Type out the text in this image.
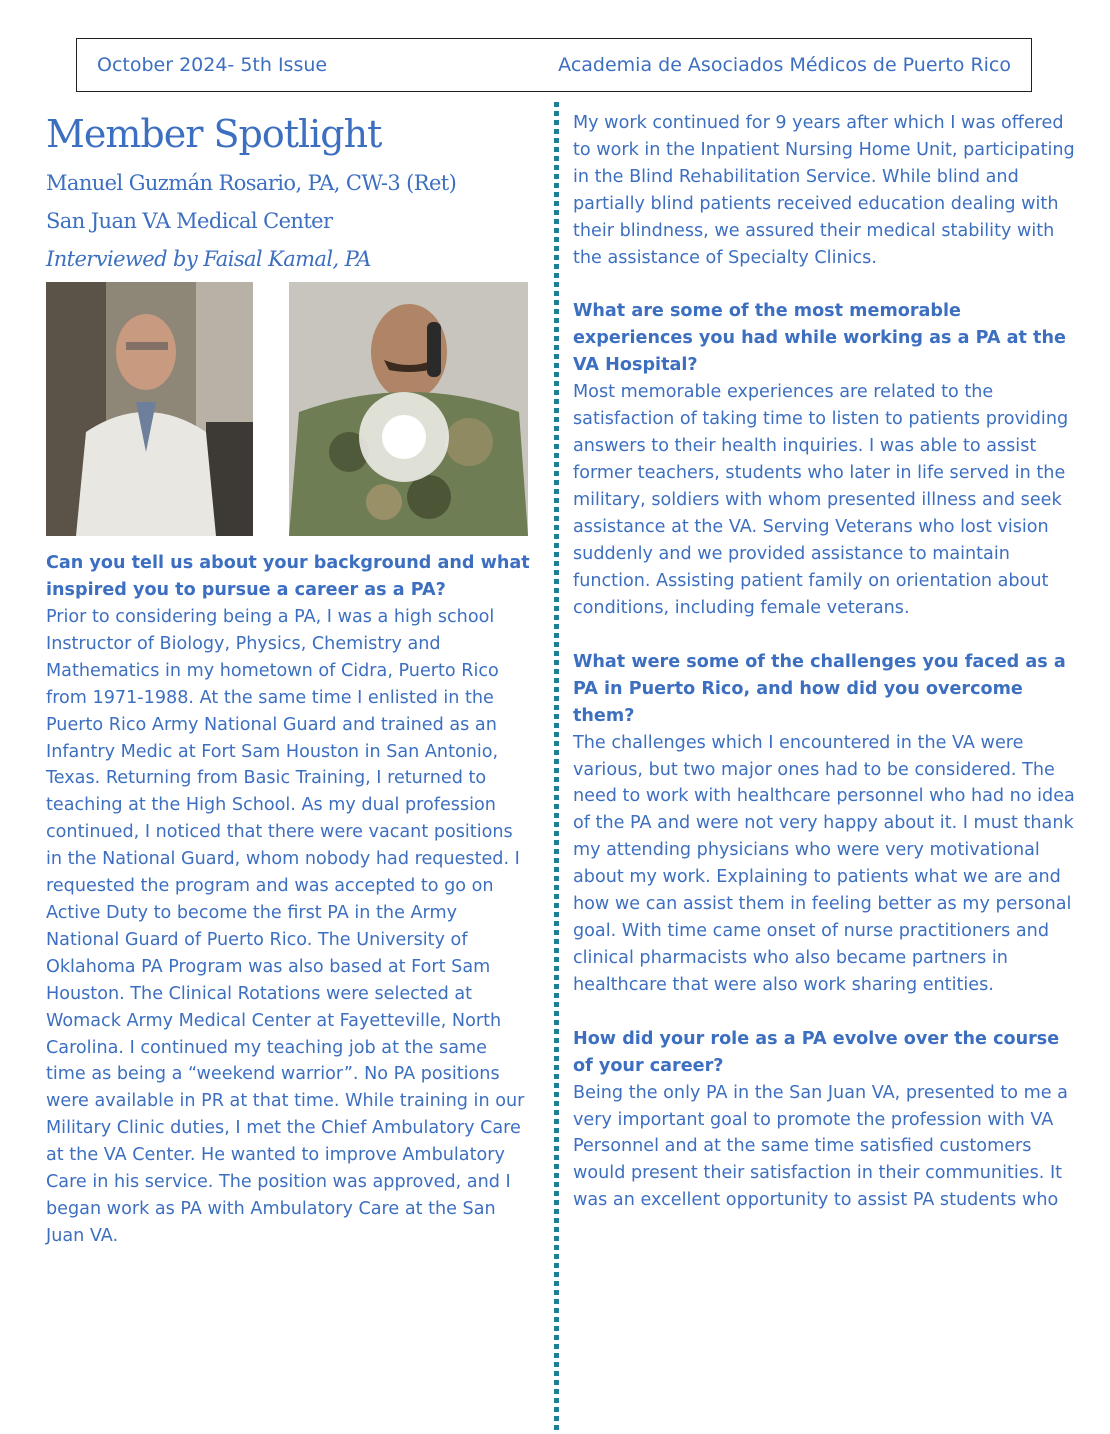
October 2024- 5th Issue	Academia de Asociados Médicos de Puerto Rico
Member Spotlight
Manuel Guzmán Rosario, PA, CW-3 (Ret)
San Juan VA Medical Center
Interviewed by Faisal Kamal, PA

Can you tell us about your background and what inspired you to pursue a career as a PA?

Prior to considering being a PA, I was a high school Instructor of Biology, Physics, Chemistry and Mathematics in my hometown of Cidra, Puerto Rico from 1971-1988. At the same time I enlisted in the Puerto Rico Army National Guard and trained as an Infantry Medic at Fort Sam Houston in San Antonio, Texas. Returning from Basic Training, I returned to teaching at the High School. As my dual profession continued, I noticed that there were vacant positions in the National Guard, whom nobody had requested. I requested the program and was accepted to go on Active Duty to become the first PA in the Army National Guard of Puerto Rico. The University of Oklahoma PA Program was also based at Fort Sam Houston. The Clinical Rotations were selected at Womack Army Medical Center at Fayetteville, North Carolina. I continued my teaching job at the same time as being a “weekend warrior”. No PA positions were available in PR at that time. While training in our Military Clinic duties, I met the Chief Ambulatory Care at the VA Center. He wanted to improve Ambulatory Care in his service. The position was approved, and I began work as PA with Ambulatory Care at the San Juan VA.

My work continued for 9 years after which I was offered to work in the Inpatient Nursing Home Unit, participating in the Blind Rehabilitation Service. While blind and partially blind patients received education dealing with their blindness, we assured their medical stability with the assistance of Specialty Clinics.

What are some of the most memorable experiences you had while working as a PA at the VA Hospital?

Most memorable experiences are related to the satisfaction of taking time to listen to patients providing answers to their health inquiries. I was able to assist former teachers, students who later in life served in the military, soldiers with whom presented illness and seek assistance at the VA. Serving Veterans who lost vision suddenly and we provided assistance to maintain function. Assisting patient family on orientation about conditions, including female veterans.

What were some of the challenges you faced as a PA in Puerto Rico, and how did you overcome them?

The challenges which I encountered in the VA were various, but two major ones had to be considered. The need to work with healthcare personnel who had no idea of the PA and were not very happy about it. I must thank my attending physicians who were very motivational about my work. Explaining to patients what we are and how we can assist them in feeling better as my personal goal. With time came onset of nurse practitioners and clinical pharmacists who also became partners in healthcare that were also work sharing entities.

How did your role as a PA evolve over the course of your career?

Being the only PA in the San Juan VA, presented to me a very important goal to promote the profession with VA Personnel and at the same time satisfied customers would present their satisfaction in their communities. It was an excellent opportunity to assist PA students who
